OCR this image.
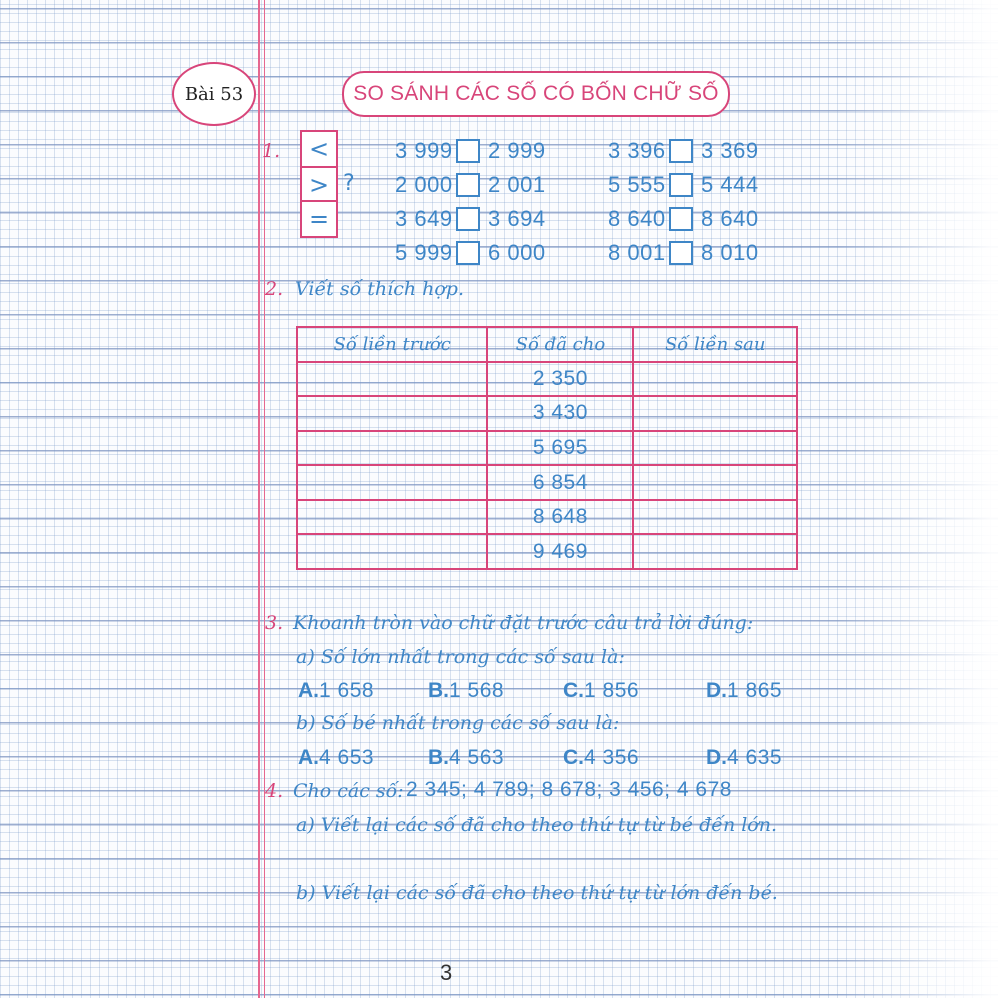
Bài 53	SO SÁNH CÁC SỐ CÓ BỐN CHỮ SỐ
1. <
>
=
?
3 999 2 999
2 000 2 001
3 649 3 694
5 999 6 000
3 396 3 369
5 555 5 444
8 640 8 640
8 001 8 010
2. Viết số thích hợp.
Số liền trước	Số đã cho	Số liền sau
	2 350	
	3 430	
	5 695	
	6 854	
	8 648	
	9 469	
3. Khoanh tròn vào chữ đặt trước câu trả lời đúng:
a) Số lớn nhất trong các số sau là:
A.1 658	B.1 568	C.1 856	D.1 865
b) Số bé nhất trong các số sau là:
A.4 653	B.4 563	C.4 356	D.4 635
4. Cho các số: 2 345; 4 789; 8 678; 3 456; 4 678
a) Viết lại các số đã cho theo thứ tự từ bé đến lớn.
b) Viết lại các số đã cho theo thứ tự từ lớn đến bé.
3
